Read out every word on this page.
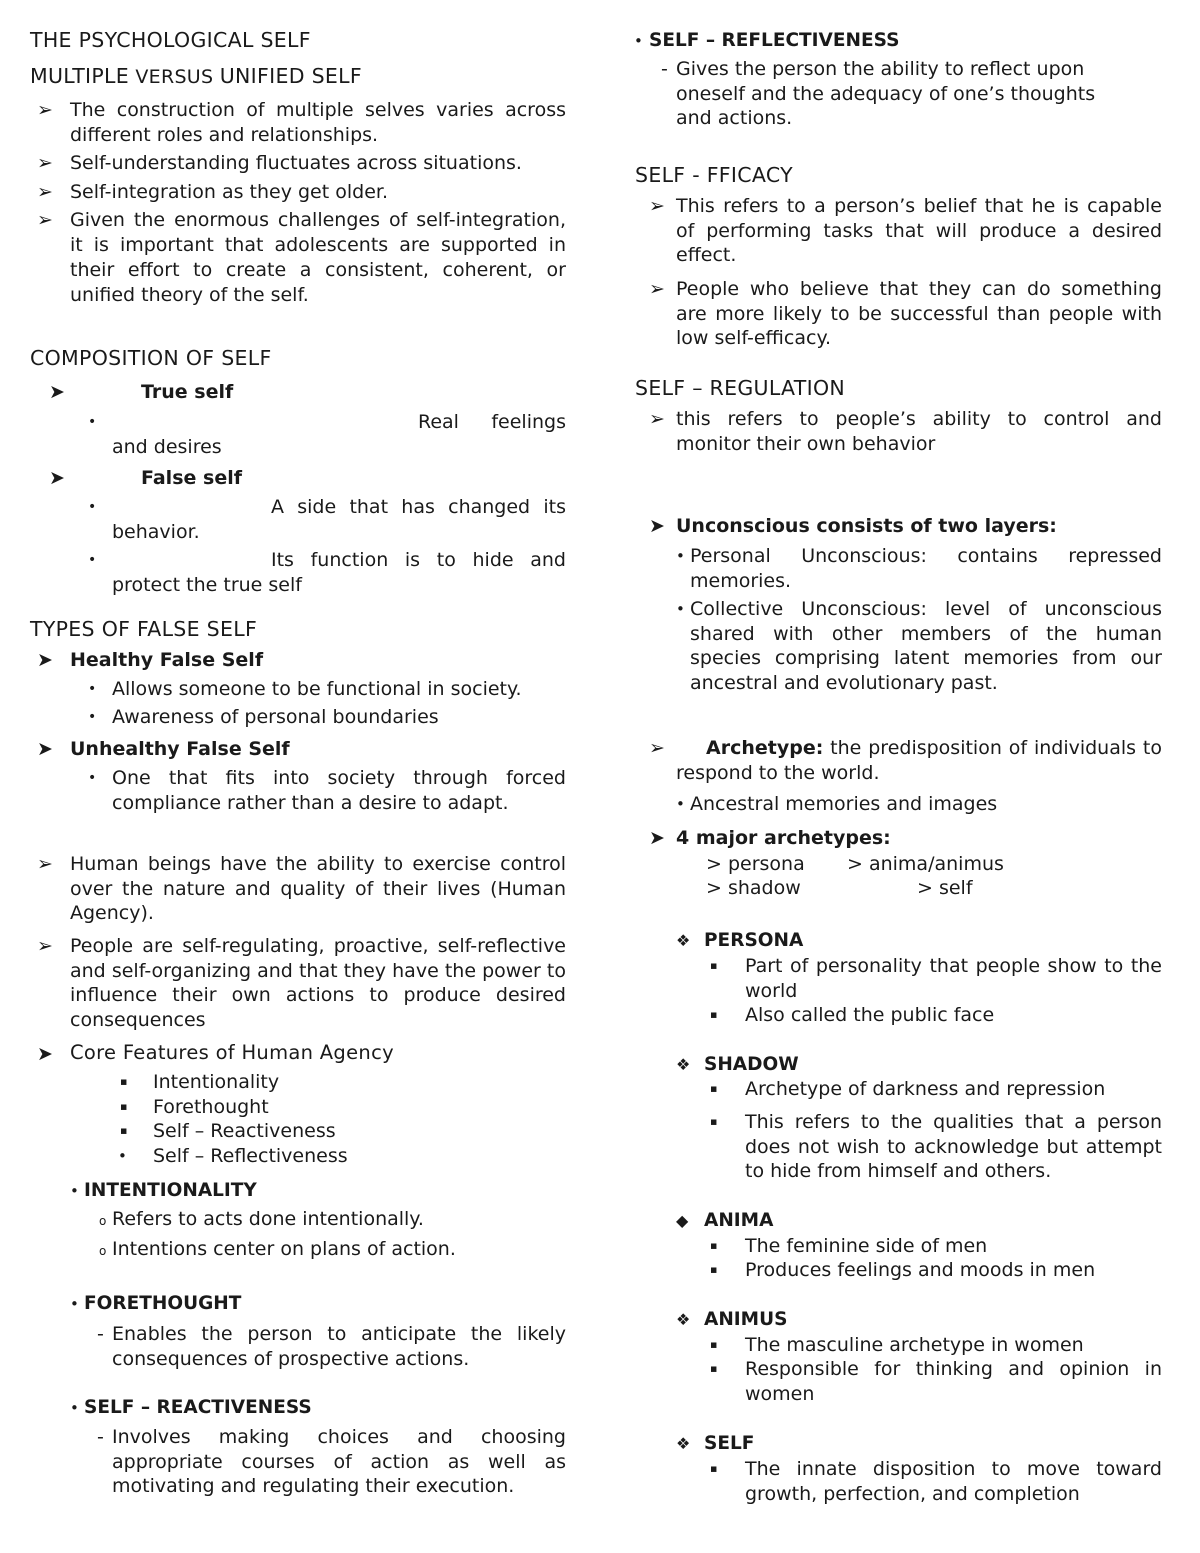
THE PSYCHOLOGICAL SELF
MULTIPLE VERSUS UNIFIED SELF
➢ The construction of multiple selves varies across different roles and relationships.
➢ Self-understanding fluctuates across situations.
➢ Self-integration as they get older.
➢ Given the enormous challenges of self-integration, it is important that adolescents are supported in their effort to create a consistent, coherent, or unified theory of the self.
COMPOSITION OF SELF
➤	True self
•	Real feelings and desires
➤	False self
•	A side that has changed its behavior.
•	Its function is to hide and protect the true self
TYPES OF FALSE SELF
➤ Healthy False Self
• Allows someone to be functional in society.
• Awareness of personal boundaries
➤ Unhealthy False Self
• One that fits into society through forced compliance rather than a desire to adapt.
➢ Human beings have the ability to exercise control over the nature and quality of their lives (Human Agency).
➢ People are self-regulating, proactive, self-reflective and self-organizing and that they have the power to influence their own actions to produce desired consequences
➤ Core Features of Human Agency
▪ Intentionality
▪ Forethought
▪ Self – Reactiveness
• Self – Reflectiveness
• INTENTIONALITY
o Refers to acts done intentionally.
o Intentions center on plans of action.
• FORETHOUGHT
- Enables the person to anticipate the likely consequences of prospective actions.
• SELF – REACTIVENESS
- Involves making choices and choosing appropriate courses of action as well as motivating and regulating their execution.
• SELF – REFLECTIVENESS
- Gives the person the ability to reflect upon oneself and the adequacy of one’s thoughts and actions.
SELF - FFICACY
➢ This refers to a person’s belief that he is capable of performing tasks that will produce a desired effect.
➢ People who believe that they can do something are more likely to be successful than people with low self-efficacy.
SELF – REGULATION
➢ this refers to people’s ability to control and monitor their own behavior
➤ Unconscious consists of two layers:
• Personal Unconscious: contains repressed memories.
• Collective Unconscious: level of unconscious shared with other members of the human species comprising latent memories from our ancestral and evolutionary past.
➢	Archetype: the predisposition of individuals to respond to the world.
• Ancestral memories and images
➤ 4 major archetypes:
> persona > anima/animus
> shadow	> self
❖ PERSONA
▪ Part of personality that people show to the world
▪ Also called the public face
❖ SHADOW
▪ Archetype of darkness and repression
▪ This refers to the qualities that a person does not wish to acknowledge but attempt to hide from himself and others.
◆ ANIMA
▪ The feminine side of men
▪ Produces feelings and moods in men
❖ ANIMUS
▪ The masculine archetype in women
▪ Responsible for thinking and opinion in women
❖ SELF
▪ The innate disposition to move toward growth, perfection, and completion
